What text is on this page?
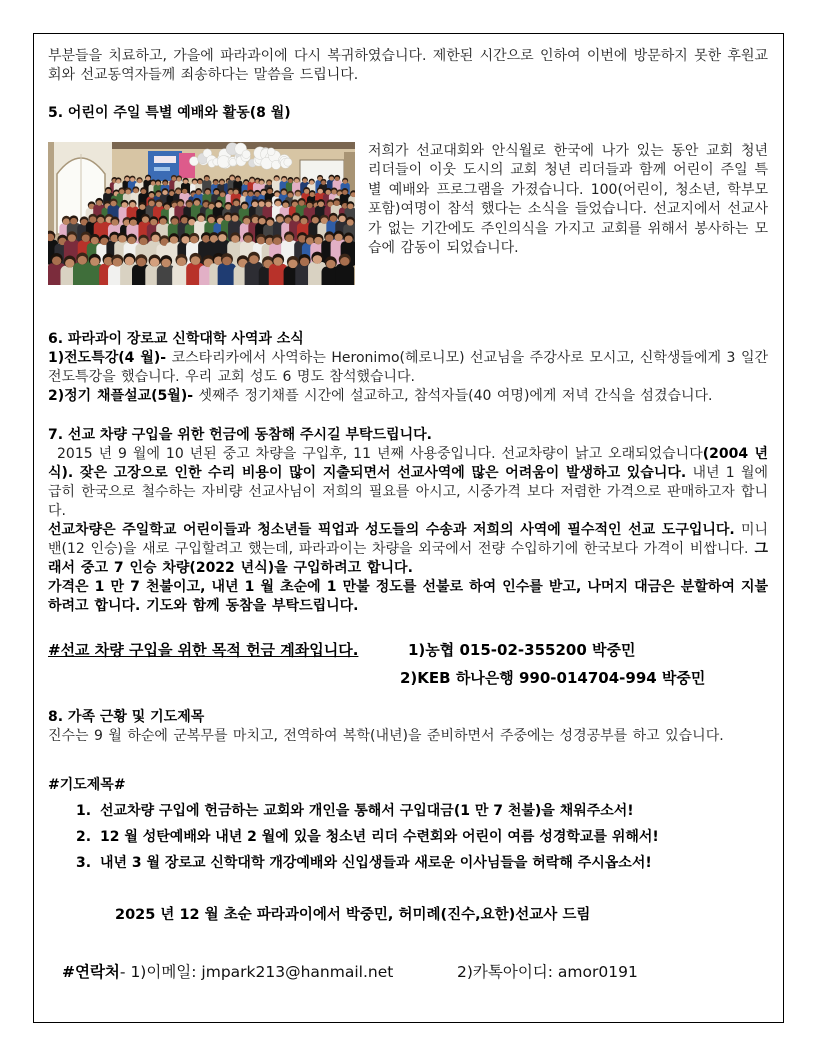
부분들을 치료하고, 가을에 파라과이에 다시 복귀하였습니다. 제한된 시간으로 인하여 이번에 방문하지 못한 후원교회와 선교동역자들께 죄송하다는 말씀을 드립니다.

5. 어린이 주일 특별 예배와 활동(8 월)

저희가 선교대회와 안식월로 한국에 나가 있는 동안 교회 청년 리더들이 이웃 도시의 교회 청년 리더들과 함께 어린이 주일 특별 예배와 프로그램을 가졌습니다. 100(어린이, 청소년, 학부모 포함)여명이 참석 했다는 소식을 들었습니다. 선교지에서 선교사가 없는 기간에도 주인의식을 가지고 교회를 위해서 봉사하는 모습에 감동이 되었습니다.

6. 파라과이 장로교 신학대학 사역과 소식

1)전도특강(4 월)- 코스타리카에서 사역하는 Heronimo(헤로니모) 선교님을 주강사로 모시고, 신학생들에게 3 일간 전도특강을 했습니다. 우리 교회 성도 6 명도 참석했습니다.

2)정기 채플설교(5월)- 셋째주 정기채플 시간에 설교하고, 참석자들(40 여명)에게 저녁 간식을 섬겼습니다.

7. 선교 차량 구입을 위한 헌금에 동참해 주시길 부탁드립니다.

2015 년 9 월에 10 년된 중고 차량을 구입후, 11 년째 사용중입니다. 선교차량이 낡고 오래되었습니다(2004 년식). 잦은 고장으로 인한 수리 비용이 많이 지출되면서 선교사역에 많은 어려움이 발생하고 있습니다. 내년 1 월에 급히 한국으로 철수하는 자비량 선교사님이 저희의 필요를 아시고, 시중가격 보다 저렴한 가격으로 판매하고자 합니다.

선교차량은 주일학교 어린이들과 청소년들 픽업과 성도들의 수송과 저희의 사역에 필수적인 선교 도구입니다. 미니밴(12 인승)을 새로 구입할려고 했는데, 파라과이는 차량을 외국에서 전량 수입하기에 한국보다 가격이 비쌉니다. 그래서 중고 7 인승 차량(2022 년식)을 구입하려고 합니다.

가격은 1 만 7 천불이고, 내년 1 월 초순에 1 만불 정도를 선불로 하여 인수를 받고, 나머지 대금은 분할하여 지불하려고 합니다. 기도와 함께 동참을 부탁드립니다.

#선교 차량 구입을 위한 목적 헌금 계좌입니다.	1)농협 015-02-355200 박중민
2)KEB 하나은행 990-014704-994 박중민

8. 가족 근황 및 기도제목

진수는 9 월 하순에 군복무를 마치고, 전역하여 복학(내년)을 준비하면서 주중에는 성경공부를 하고 있습니다.

#기도제목#

1. 선교차량 구입에 헌금하는 교회와 개인을 통해서 구입대금(1 만 7 천불)을 채워주소서!
2. 12 월 성탄예배와 내년 2 월에 있을 청소년 리더 수련회와 어린이 여름 성경학교를 위해서!
3. 내년 3 월 장로교 신학대학 개강예배와 신입생들과 새로운 이사님들을 허락해 주시옵소서!

2025 년 12 월 초순 파라과이에서 박중민, 허미례(진수,요한)선교사 드림

#연락처- 1)이메일: jmpark213@hanmail.net	2)카톡아이디: amor0191
